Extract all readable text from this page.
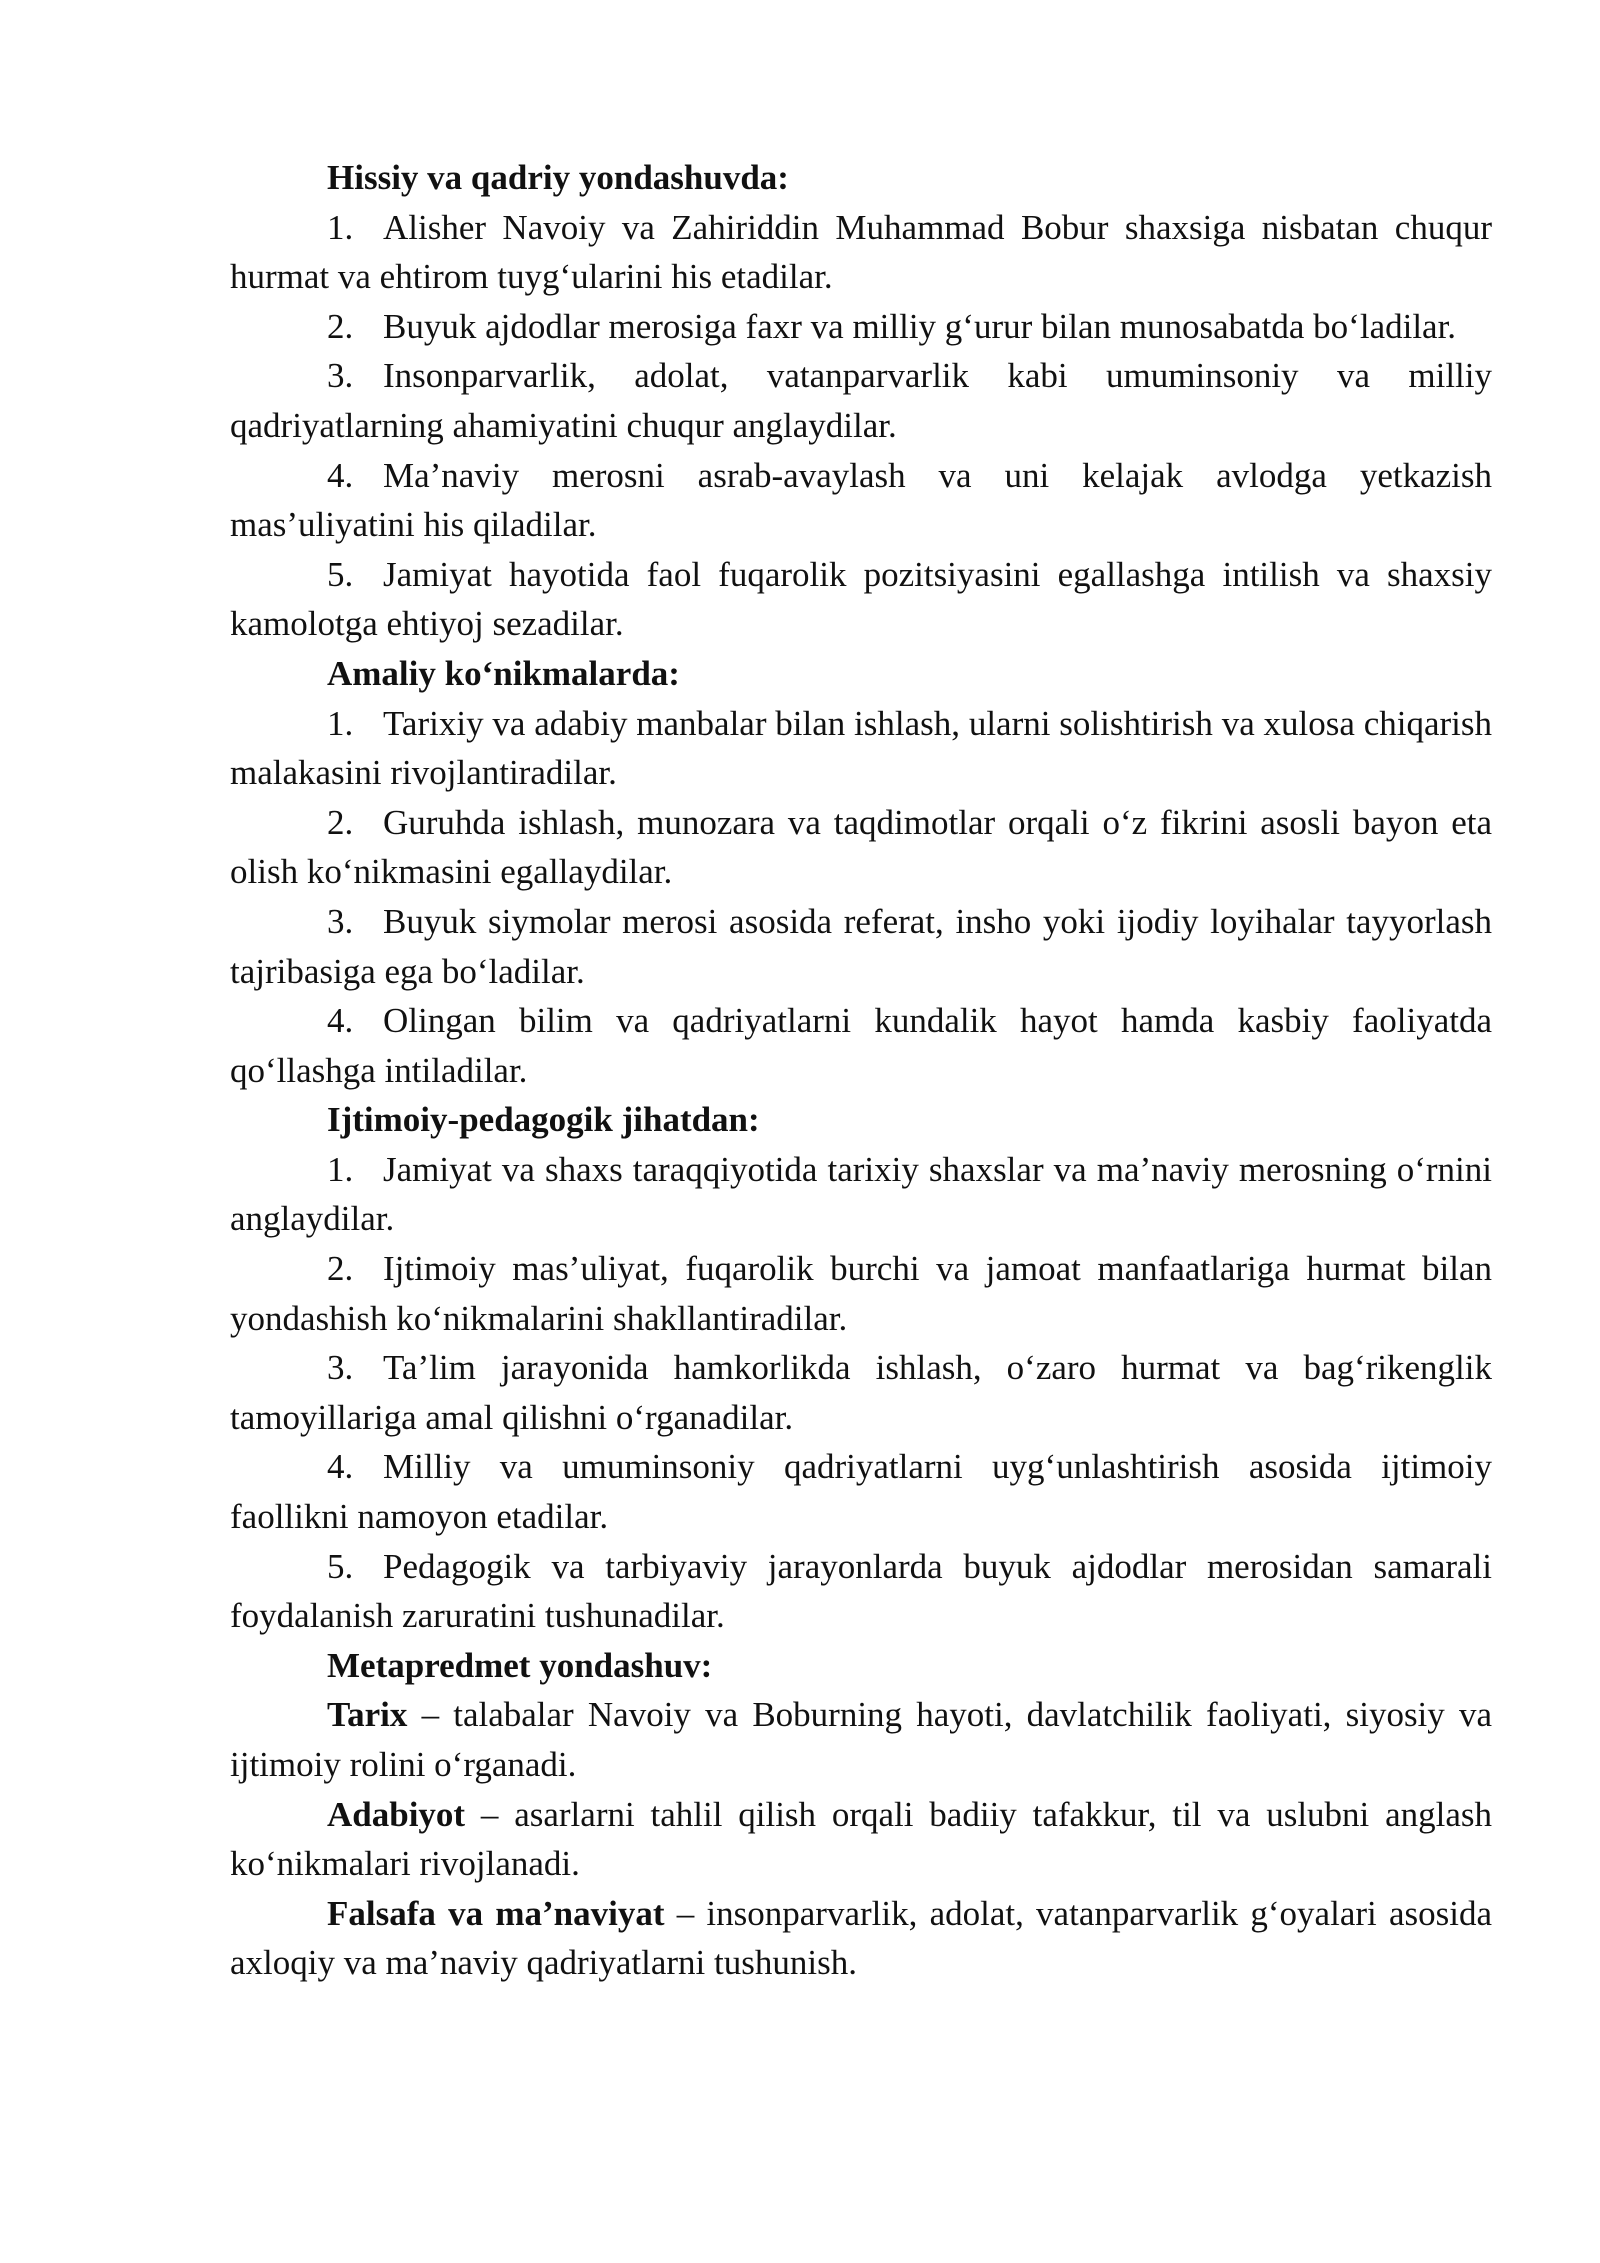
Hissiy va qadriy yondashuvda:

1. Alisher Navoiy va Zahiriddin Muhammad Bobur shaxsiga nisbatan chuqur hurmat va ehtirom tuyg‘ularini his etadilar.

2. Buyuk ajdodlar merosiga faxr va milliy g‘urur bilan munosabatda bo‘ladilar.

3. Insonparvarlik, adolat, vatanparvarlik kabi umuminsoniy va milliy qadriyatlarning ahamiyatini chuqur anglaydilar.

4. Ma’naviy merosni asrab-avaylash va uni kelajak avlodga yetkazish mas’uliyatini his qiladilar.

5. Jamiyat hayotida faol fuqarolik pozitsiyasini egallashga intilish va shaxsiy kamolotga ehtiyoj sezadilar.

Amaliy ko‘nikmalarda:

1. Tarixiy va adabiy manbalar bilan ishlash, ularni solishtirish va xulosa chiqarish malakasini rivojlantiradilar.

2. Guruhda ishlash, munozara va taqdimotlar orqali o‘z fikrini asosli bayon eta olish ko‘nikmasini egallaydilar.

3. Buyuk siymolar merosi asosida referat, insho yoki ijodiy loyihalar tayyorlash tajribasiga ega bo‘ladilar.

4. Olingan bilim va qadriyatlarni kundalik hayot hamda kasbiy faoliyatda qo‘llashga intiladilar.

Ijtimoiy-pedagogik jihatdan:

1. Jamiyat va shaxs taraqqiyotida tarixiy shaxslar va ma’naviy merosning o‘rnini anglaydilar.

2. Ijtimoiy mas’uliyat, fuqarolik burchi va jamoat manfaatlariga hurmat bilan yondashish ko‘nikmalarini shakllantiradilar.

3. Ta’lim jarayonida hamkorlikda ishlash, o‘zaro hurmat va bag‘rikenglik tamoyillariga amal qilishni o‘rganadilar.

4. Milliy va umuminsoniy qadriyatlarni uyg‘unlashtirish asosida ijtimoiy faollikni namoyon etadilar.

5. Pedagogik va tarbiyaviy jarayonlarda buyuk ajdodlar merosidan samarali foydalanish zaruratini tushunadilar.

Metapredmet yondashuv:

Tarix – talabalar Navoiy va Boburning hayoti, davlatchilik faoliyati, siyosiy va ijtimoiy rolini o‘rganadi.

Adabiyot – asarlarni tahlil qilish orqali badiiy tafakkur, til va uslubni anglash ko‘nikmalari rivojlanadi.

Falsafa va ma’naviyat – insonparvarlik, adolat, vatanparvarlik g‘oyalari asosida axloqiy va ma’naviy qadriyatlarni tushunish.
